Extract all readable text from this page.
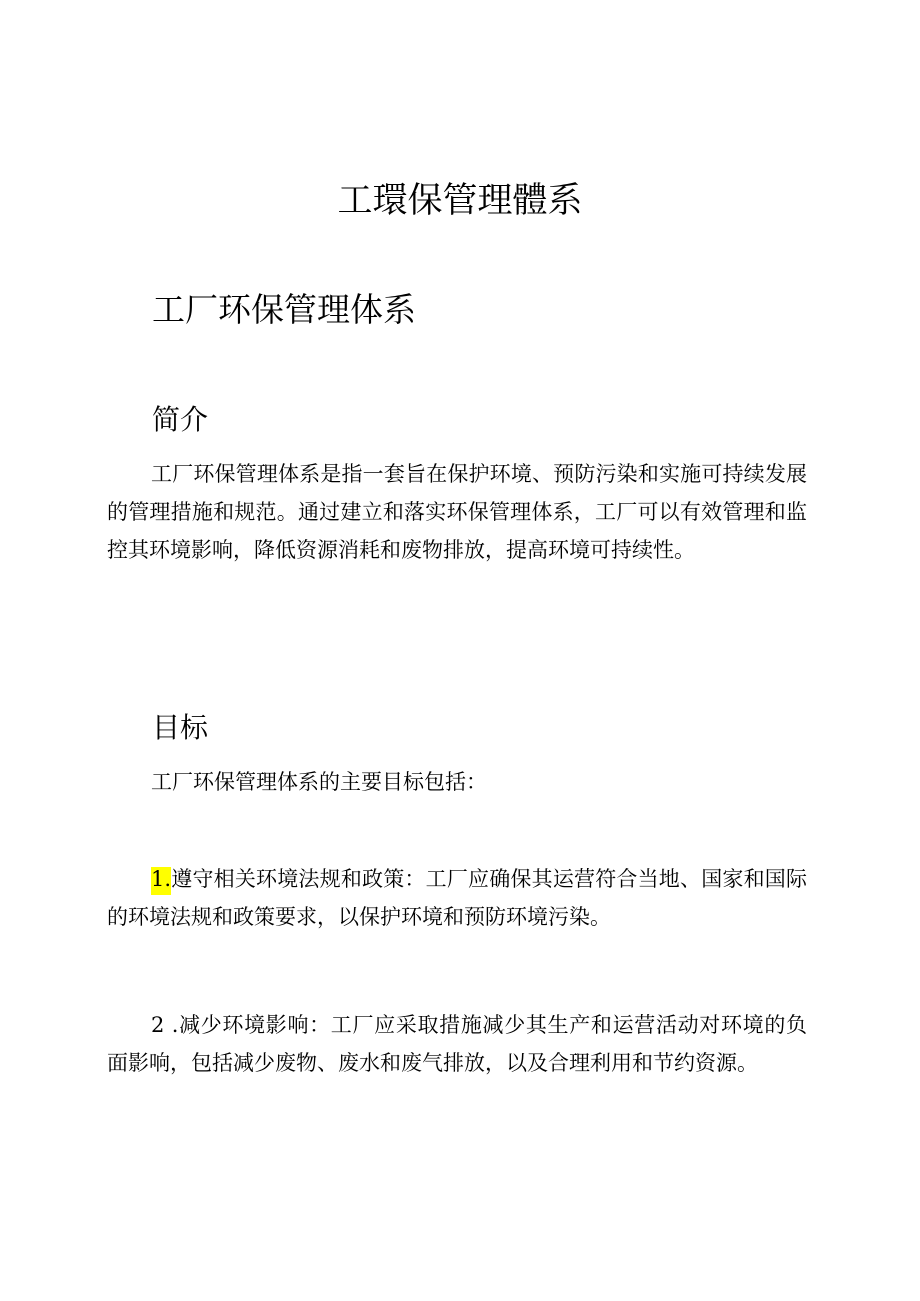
工環保管理體系
工厂环保管理体系
简介

工厂环保管理体系是指一套旨在保护环境、预防污染和实施可持续发展的管理措施和规范。通过建立和落实环保管理体系，工厂可以有效管理和监控其环境影响，降低资源消耗和废物排放，提高环境可持续性。

目标

工厂环保管理体系的主要目标包括：

1.遵守相关环境法规和政策：工厂应确保其运营符合当地、国家和国际的环境法规和政策要求，以保护环境和预防环境污染。

2 .减少环境影响：工厂应采取措施减少其生产和运营活动对环境的负面影响，包括减少废物、废水和废气排放，以及合理利用和节约资源。
